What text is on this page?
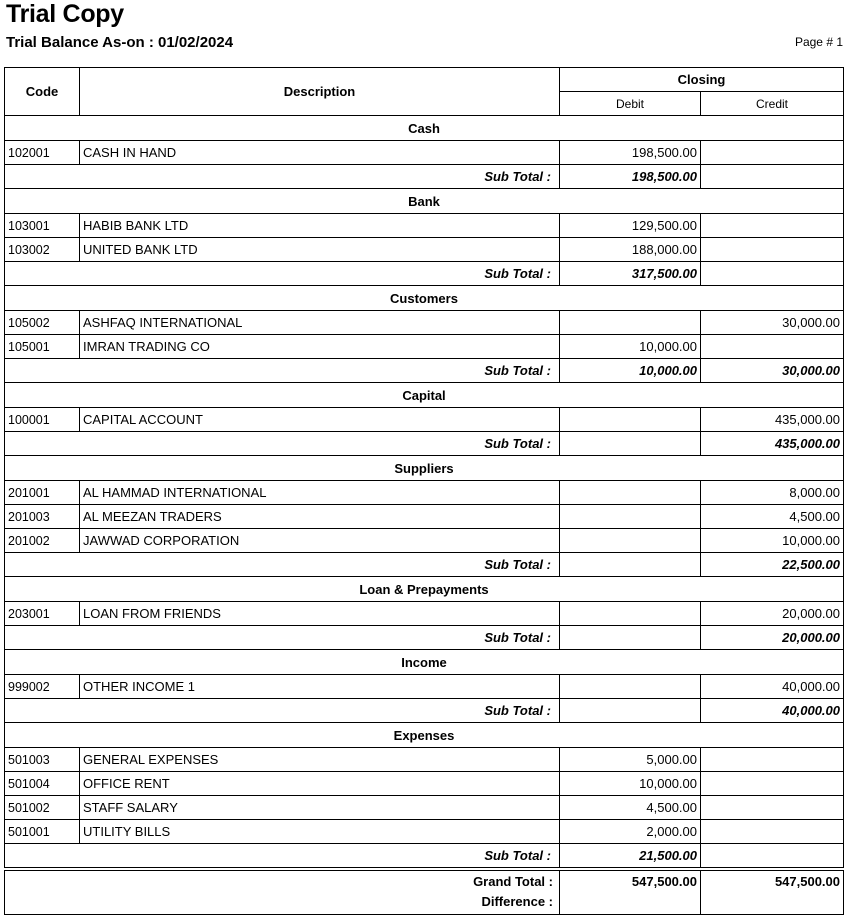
Trial Copy
Trial Balance As-on : 01/02/2024	Page # 1
Code	Description	Closing	
		Debit	Credit
Cash			
102001	CASH IN HAND	198,500.00	
Sub Total :		198,500.00	
Bank			
103001	HABIB BANK LTD	129,500.00	
103002	UNITED BANK LTD	188,000.00	
Sub Total :		317,500.00	
Customers			
105002	ASHFAQ INTERNATIONAL		30,000.00
105001	IMRAN TRADING CO	10,000.00	
Sub Total :		10,000.00	30,000.00
Capital			
100001	CAPITAL ACCOUNT		435,000.00
Sub Total :			435,000.00
Suppliers			
201001	AL HAMMAD INTERNATIONAL		8,000.00
201003	AL MEEZAN TRADERS		4,500.00
201002	JAWWAD CORPORATION		10,000.00
Sub Total :			22,500.00
Loan & Prepayments			
203001	LOAN FROM FRIENDS		20,000.00
Sub Total :			20,000.00
Income			
999002	OTHER INCOME 1		40,000.00
Sub Total :			40,000.00
Expenses			
501003	GENERAL EXPENSES	5,000.00	
501004	OFFICE RENT	10,000.00	
501002	STAFF SALARY	4,500.00	
501001	UTILITY BILLS	2,000.00	
Sub Total :		21,500.00	

Grand Total :		547,500.00	547,500.00
Difference :			
